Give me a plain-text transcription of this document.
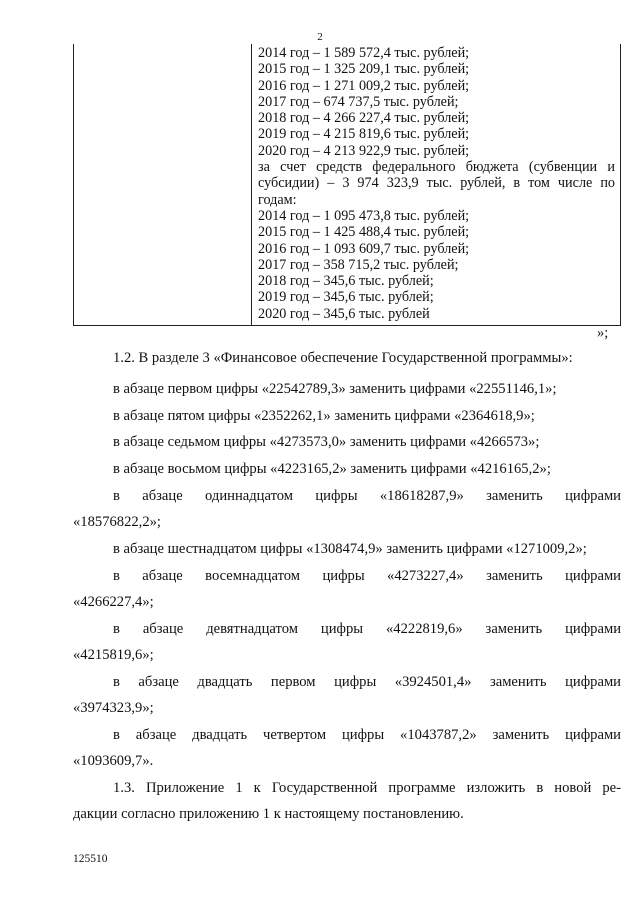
2
2014 год – 1 589 572,4 тыс. рублей;
2015 год – 1 325 209,1 тыс. рублей;
2016 год – 1 271 009,2 тыс. рублей;
2017 год – 674 737,5 тыс. рублей;
2018 год – 4 266 227,4 тыс. рублей;
2019 год – 4 215 819,6 тыс. рублей;
2020 год – 4 213 922,9 тыс. рублей;
за счет средств федерального бюджета (субвенции и
субсидии) – 3 974 323,9 тыс. рублей, в том числе по
годам:
2014 год – 1 095 473,8 тыс. рублей;
2015 год – 1 425 488,4 тыс. рублей;
2016 год – 1 093 609,7 тыс. рублей;
2017 год – 358 715,2 тыс. рублей;
2018 год – 345,6 тыс. рублей;
2019 год – 345,6 тыс. рублей;
2020 год – 345,6 тыс. рублей
»;
1.2. В разделе 3 «Финансовое обеспечение Государственной программы»:
в абзаце первом цифры «22542789,3» заменить цифрами «22551146,1»;
в абзаце пятом цифры «2352262,1» заменить цифрами «2364618,9»;
в абзаце седьмом цифры «4273573,0» заменить цифрами «4266573»;
в абзаце восьмом цифры «4223165,2» заменить цифрами «4216165,2»;
в абзаце одиннадцатом цифры «18618287,9» заменить цифрами
«18576822,2»;
в абзаце шестнадцатом цифры «1308474,9» заменить цифрами «1271009,2»;
в абзаце восемнадцатом цифры «4273227,4» заменить цифрами
«4266227,4»;
в абзаце девятнадцатом цифры «4222819,6» заменить цифрами
«4215819,6»;
в абзаце двадцать первом цифры «3924501,4» заменить цифрами
«3974323,9»;
в абзаце двадцать четвертом цифры «1043787,2» заменить цифрами
«1093609,7».
1.3. Приложение 1 к Государственной программе изложить в новой ре-
дакции согласно приложению 1 к настоящему постановлению.
125510
